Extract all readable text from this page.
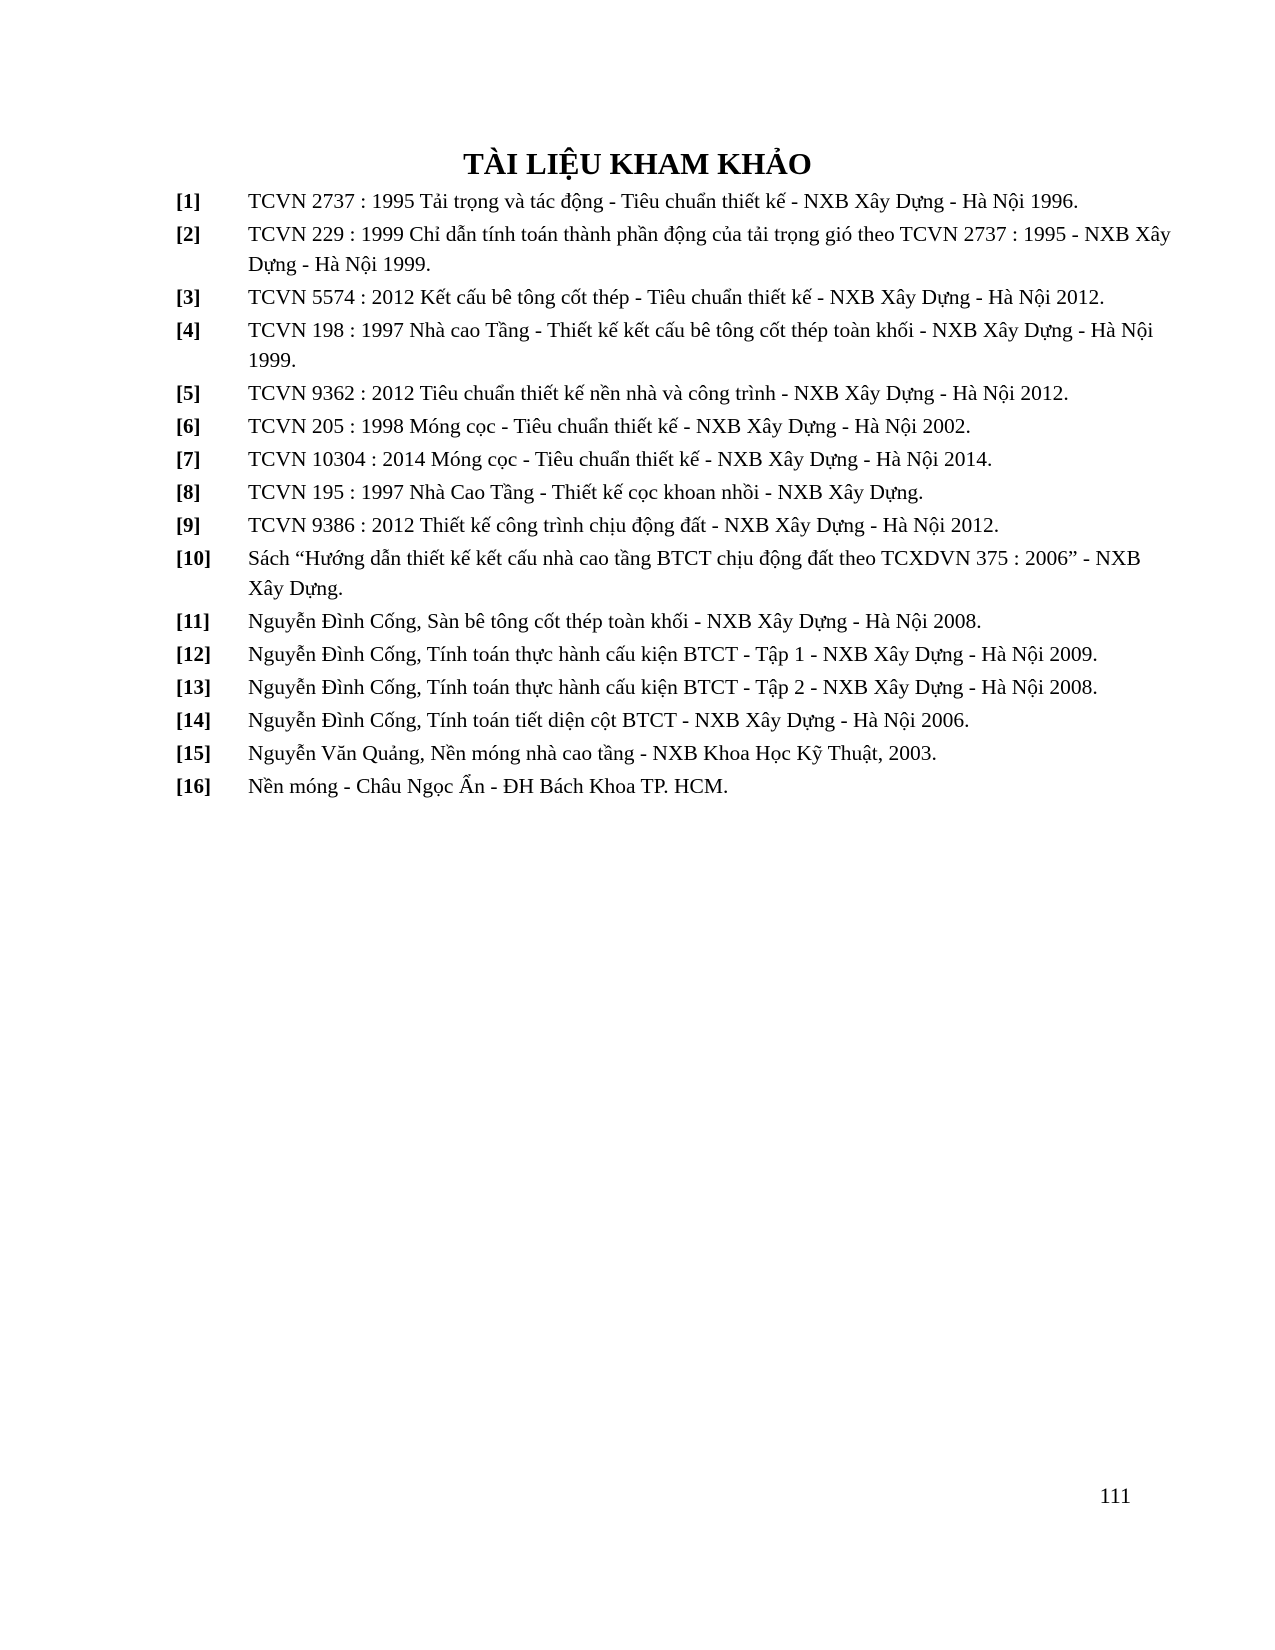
TÀI LIỆU KHAM KHẢO
[1]	TCVN 2737 : 1995 Tải trọng và tác động - Tiêu chuẩn thiết kế - NXB Xây Dựng - Hà Nội 1996.
[2]	TCVN 229 : 1999 Chỉ dẫn tính toán thành phần động của tải trọng gió theo TCVN 2737 : 1995 - NXB Xây Dựng - Hà Nội 1999.
[3]	TCVN 5574 : 2012 Kết cấu bê tông cốt thép - Tiêu chuẩn thiết kế - NXB Xây Dựng - Hà Nội 2012.
[4]	TCVN 198 : 1997 Nhà cao Tầng - Thiết kế kết cấu bê tông cốt thép toàn khối - NXB Xây Dựng - Hà Nội 1999.
[5]	TCVN 9362 : 2012 Tiêu chuẩn thiết kế nền nhà và công trình - NXB Xây Dựng - Hà Nội 2012.
[6]	TCVN 205 : 1998 Móng cọc - Tiêu chuẩn thiết kế - NXB Xây Dựng - Hà Nội 2002.
[7]	TCVN 10304 : 2014 Móng cọc - Tiêu chuẩn thiết kế - NXB Xây Dựng - Hà Nội 2014.
[8]	TCVN 195 : 1997 Nhà Cao Tầng - Thiết kế cọc khoan nhồi - NXB Xây Dựng.
[9]	TCVN 9386 : 2012 Thiết kế công trình chịu động đất - NXB Xây Dựng - Hà Nội 2012.
[10]	Sách “Hướng dẫn thiết kế kết cấu nhà cao tầng BTCT chịu động đất theo TCXDVN 375 : 2006” - NXB Xây Dựng.
[11]	Nguyễn Đình Cống, Sàn bê tông cốt thép toàn khối - NXB Xây Dựng - Hà Nội 2008.
[12]	Nguyễn Đình Cống, Tính toán thực hành cấu kiện BTCT - Tập 1 - NXB Xây Dựng - Hà Nội 2009.
[13]	Nguyễn Đình Cống, Tính toán thực hành cấu kiện BTCT - Tập 2 - NXB Xây Dựng - Hà Nội 2008.
[14]	Nguyễn Đình Cống, Tính toán tiết diện cột BTCT - NXB Xây Dựng - Hà Nội 2006.
[15]	Nguyễn Văn Quảng, Nền móng nhà cao tầng - NXB Khoa Học Kỹ Thuật, 2003.
[16]	Nền móng - Châu Ngọc Ẩn - ĐH Bách Khoa TP. HCM.
111
